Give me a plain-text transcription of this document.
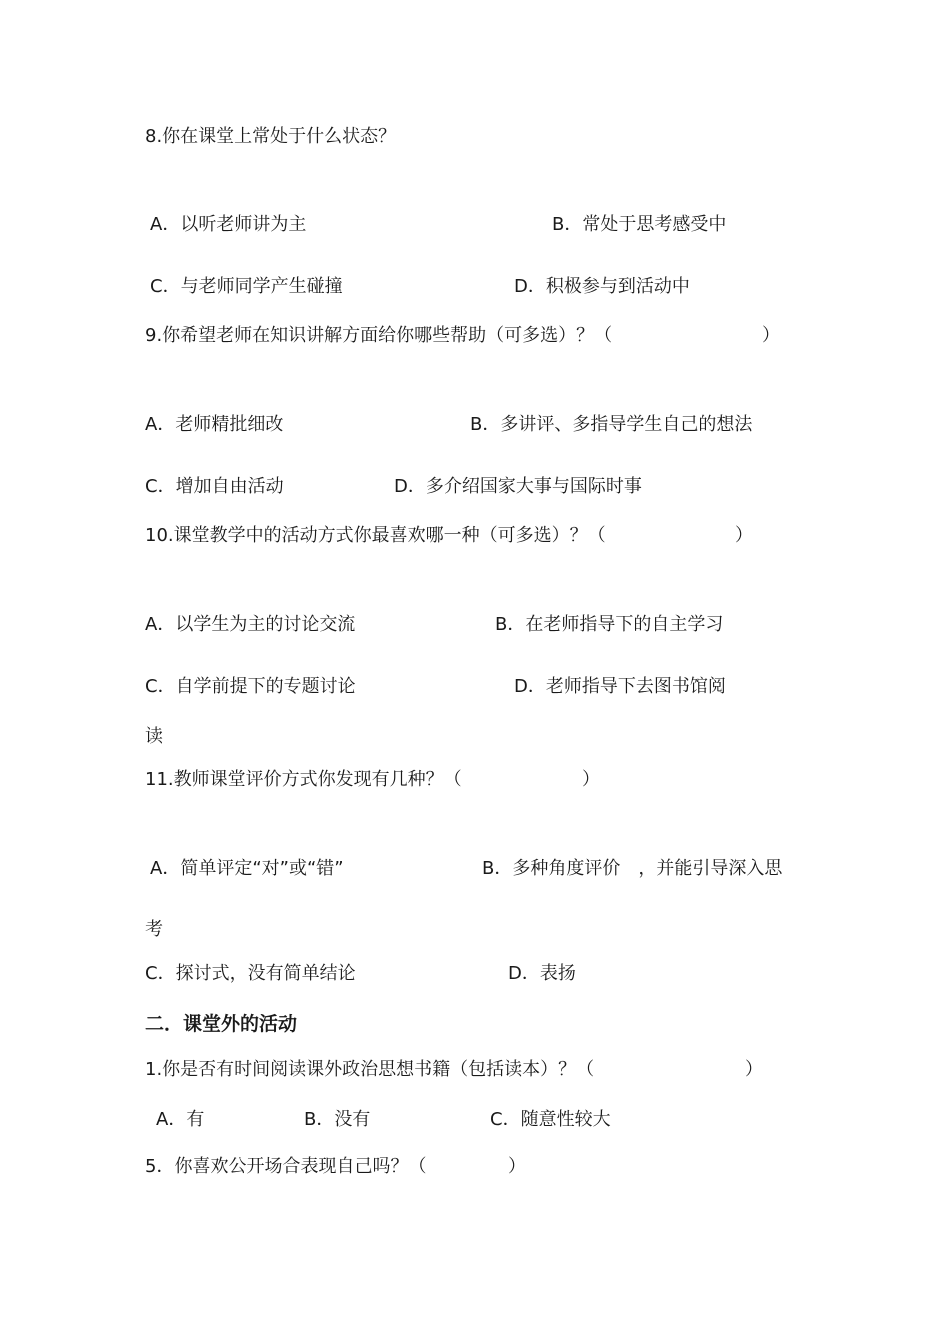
8.你在课堂上常处于什么状态？
A．以听老师讲为主	B．常处于思考感受中
C．与老师同学产生碰撞	D．积极参与到活动中
9.你希望老师在知识讲解方面给你哪些帮助（可多选）？（	）
A．老师精批细改	B．多讲评、多指导学生自己的想法
C．增加自由活动	D．多介绍国家大事与国际时事
10.课堂教学中的活动方式你最喜欢哪一种（可多选）？（	）
A．以学生为主的讨论交流	B．在老师指导下的自主学习
C．自学前提下的专题讨论	D．老师指导下去图书馆阅
读
11.教师课堂评价方式你发现有几种？（	）
A．简单评定“对”或“错”	B．多种角度评价　，并能引导深入思
考
C．探讨式，没有简单结论	D．表扬
二．课堂外的活动
1.你是否有时间阅读课外政治思想书籍（包括读本）？（	）
A．有	B．没有	C．随意性较大
5．你喜欢公开场合表现自己吗？（	）
